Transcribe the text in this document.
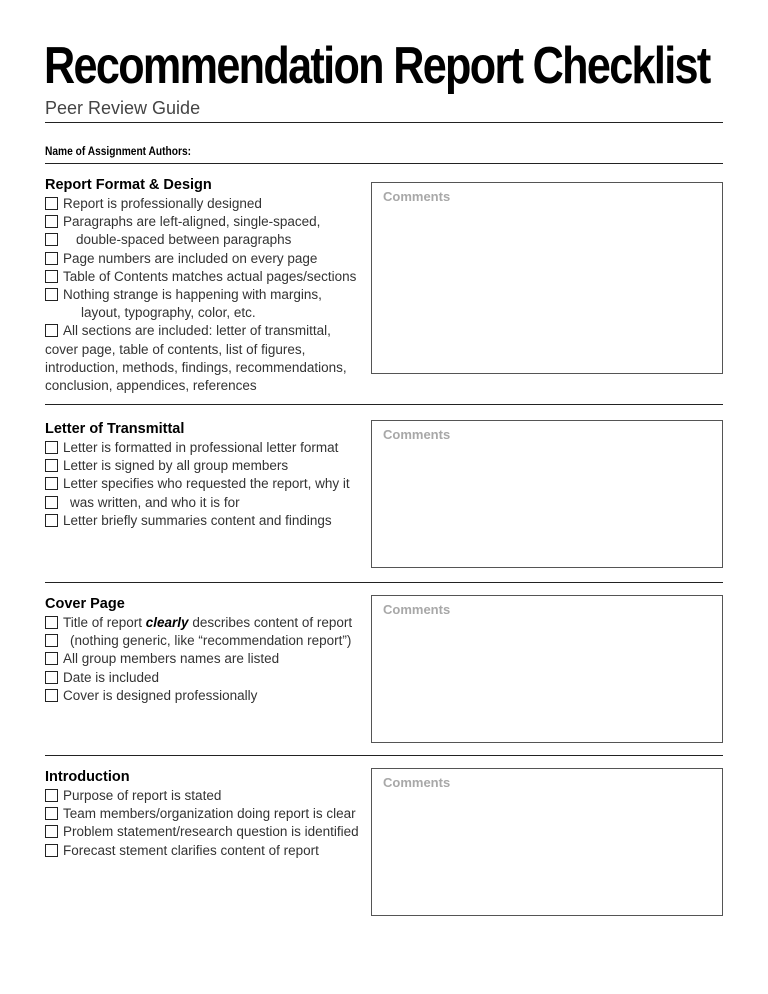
Recommendation Report Checklist
Peer Review Guide
Name of Assignment Authors:
Report Format & Design
Report is professionally designed
Paragraphs are left-aligned, single-spaced,
double-spaced between paragraphs
Page numbers are included on every page
Table of Contents matches actual pages/sections
Nothing strange is happening with margins,
layout, typography, color, etc.
All sections are included: letter of transmittal,
cover page, table of contents, list of figures,
introduction, methods, findings, recommendations,
conclusion, appendices, references
Comments
Letter of Transmittal
Letter is formatted in professional letter format
Letter is signed by all group members
Letter specifies who requested the report, why it
was written, and who it is for
Letter briefly summaries content and findings
Comments
Cover Page
Title of report clearly describes content of report
(nothing generic, like “recommendation report”)
All group members names are listed
Date is included
Cover is designed professionally
Comments
Introduction
Purpose of report is stated
Team members/organization doing report is clear
Problem statement/research question is identified
Forecast stement clarifies content of report
Comments
